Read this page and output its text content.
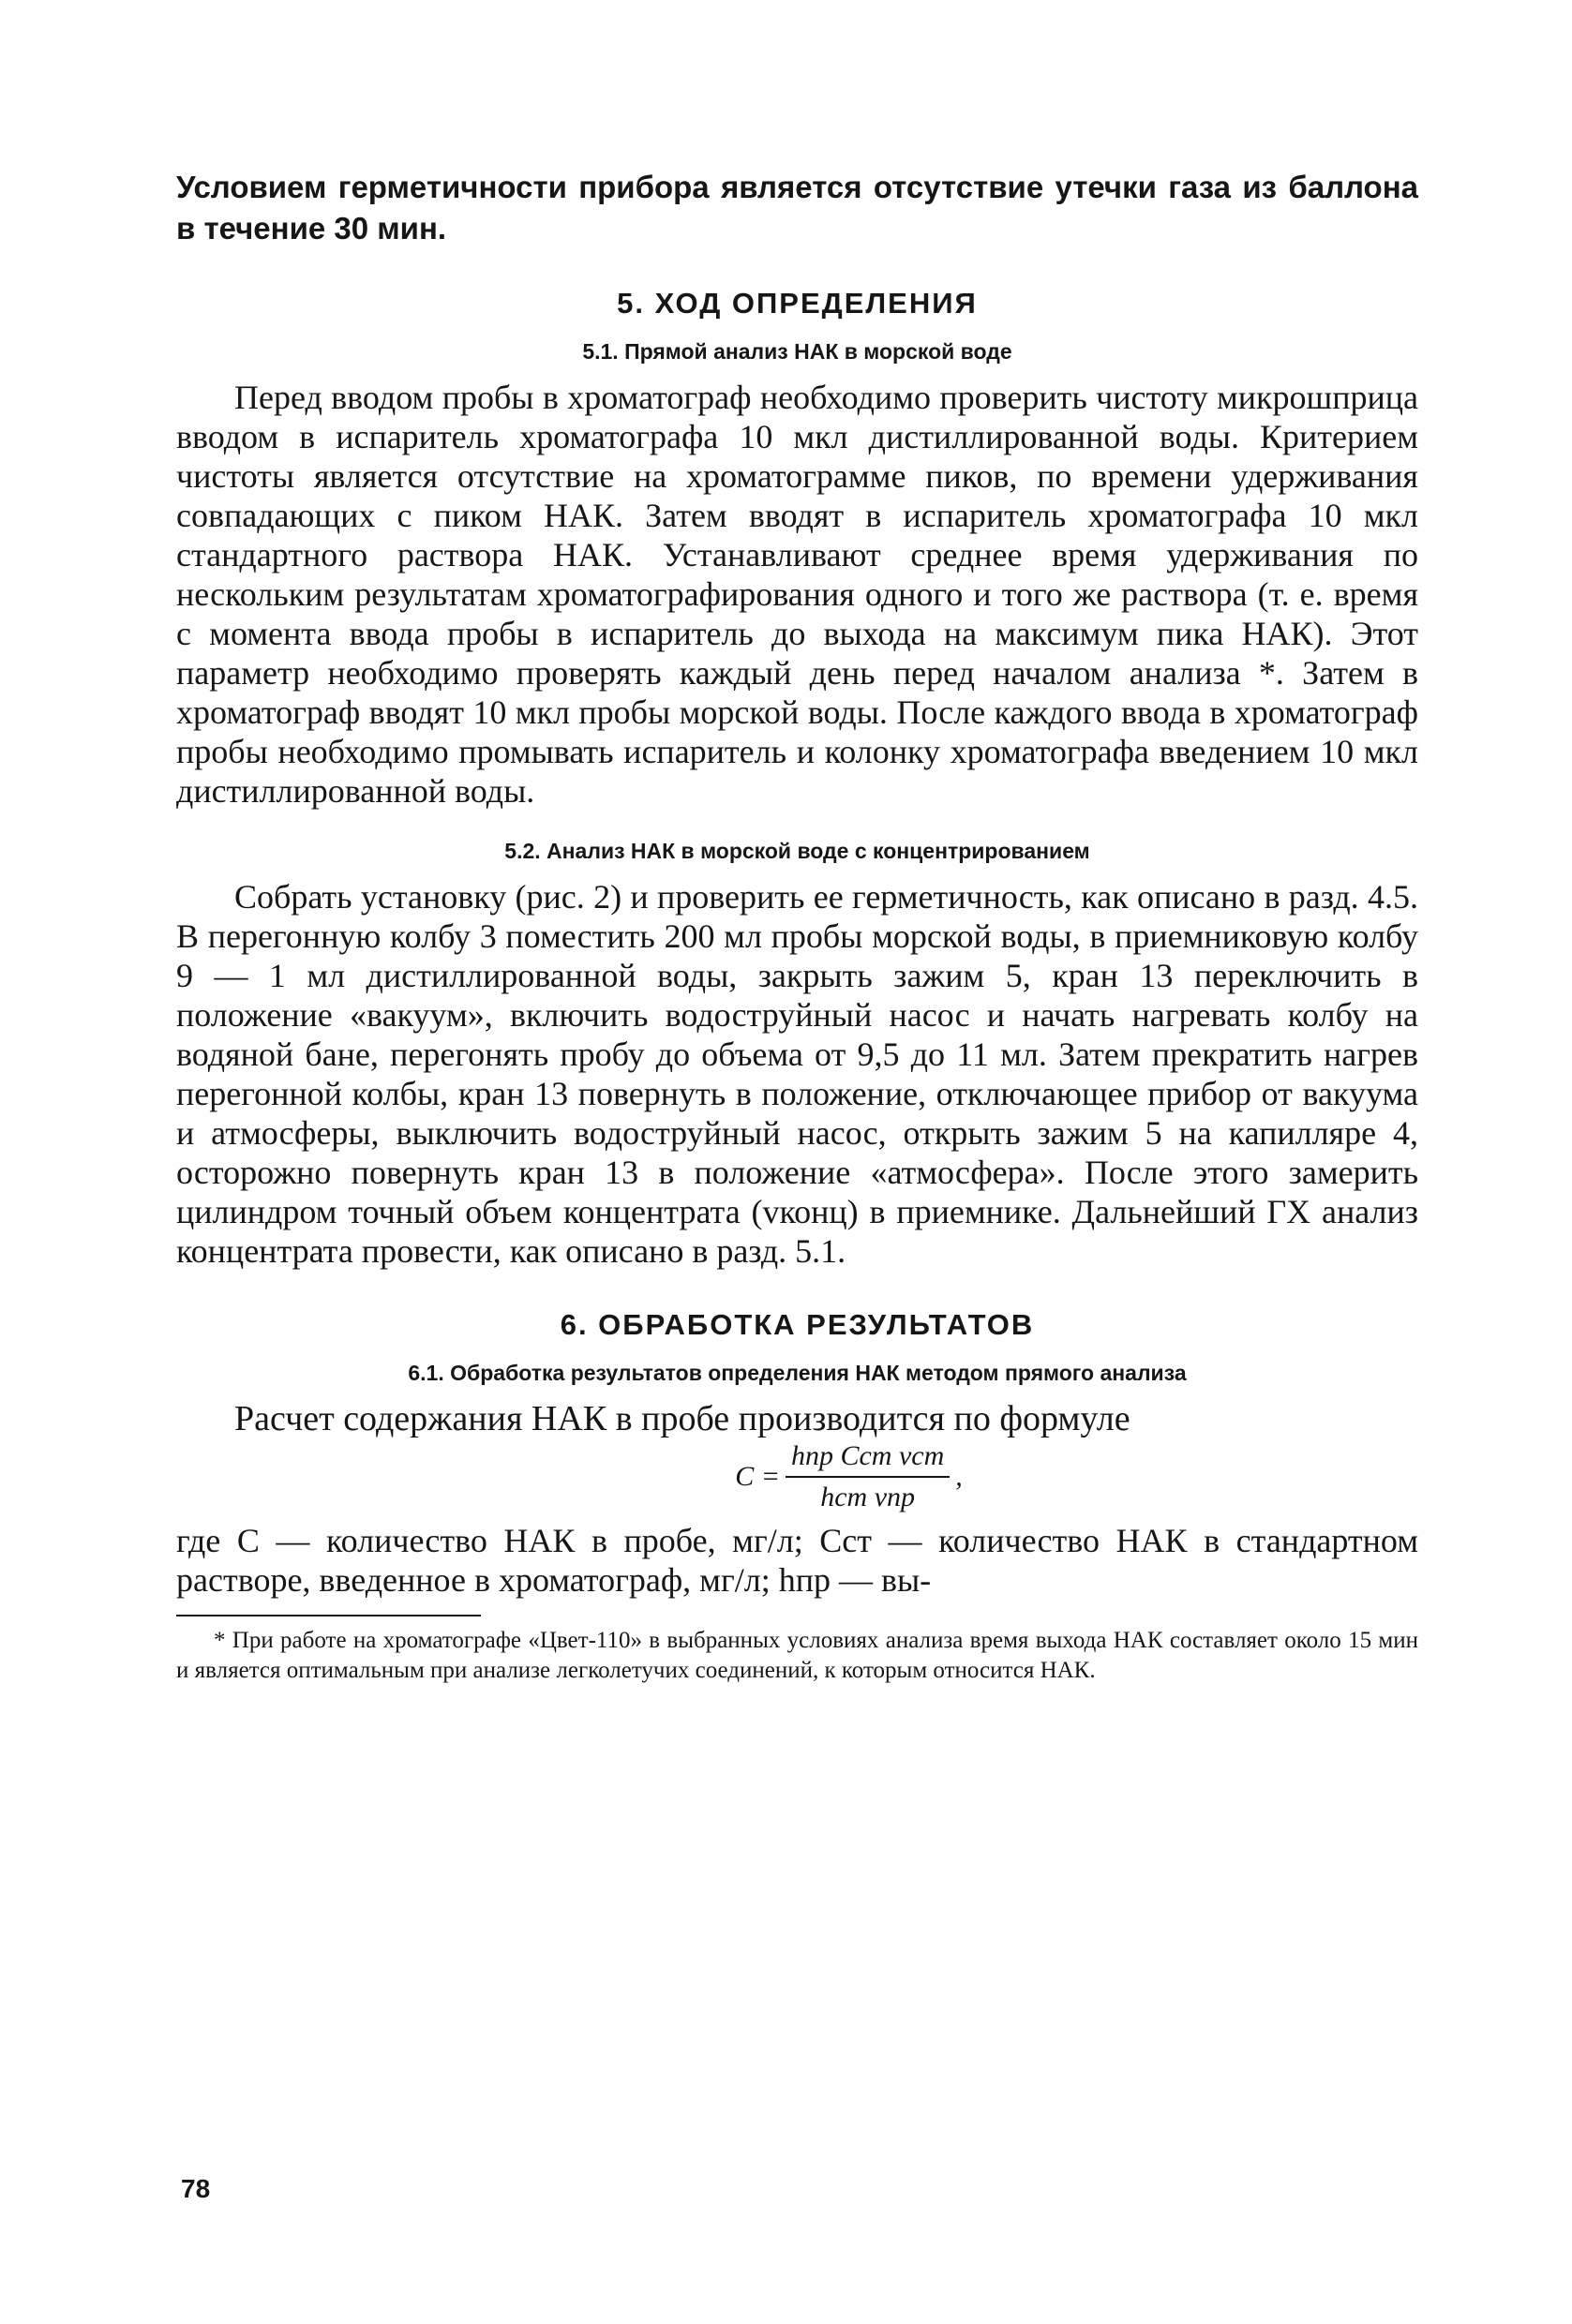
Условием герметичности прибора является отсутствие утечки газа из баллона в течение 30 мин.

5. ХОД ОПРЕДЕЛЕНИЯ

5.1. Прямой анализ НАК в морской воде

Перед вводом пробы в хроматограф необходимо проверить чистоту микрошприца вводом в испаритель хроматографа 10 мкл дистиллированной воды. Критерием чистоты является отсутствие на хроматограмме пиков, по времени удерживания совпадающих с пиком НАК. Затем вводят в испаритель хроматографа 10 мкл стандартного раствора НАК. Устанавливают среднее время удерживания по нескольким результатам хроматографирования одного и того же раствора (т. е. время с момента ввода пробы в испаритель до выхода на максимум пика НАК). Этот параметр необходимо проверять каждый день перед началом анализа *. Затем в хроматограф вводят 10 мкл пробы морской воды. После каждого ввода в хроматограф пробы необходимо промывать испаритель и колонку хроматографа введением 10 мкл дистиллированной воды.

5.2. Анализ НАК в морской воде с концентрированием

Собрать установку (рис. 2) и проверить ее герметичность, как описано в разд. 4.5. В перегонную колбу 3 поместить 200 мл пробы морской воды, в приемниковую колбу 9 — 1 мл дистиллированной воды, закрыть зажим 5, кран 13 переключить в положение «вакуум», включить водоструйный насос и начать нагревать колбу на водяной бане, перегонять пробу до объема от 9,5 до 11 мл. Затем прекратить нагрев перегонной колбы, кран 13 повернуть в положение, отключающее прибор от вакуума и атмосферы, выключить водоструйный насос, открыть зажим 5 на капилляре 4, осторожно повернуть кран 13 в положение «атмосфера». После этого замерить цилиндром точный объем концентрата (vконц) в приемнике. Дальнейший ГХ анализ концентрата провести, как описано в разд. 5.1.

6. ОБРАБОТКА РЕЗУЛЬТАТОВ

6.1. Обработка результатов определения НАК методом прямого анализа

Расчет содержания НАК в пробе производится по формуле

$C = \frac{\text{hпр Cст vст}}{\text{hст vпр}}$ ,

где C — количество НАК в пробе, мг/л; Cст — количество НАК в стандартном растворе, введенное в хроматограф, мг/л; hпр — вы-

* При работе на хроматографе «Цвет-110» в выбранных условиях анализа время выхода НАК составляет около 15 мин и является оптимальным при анализе легколетучих соединений, к которым относится НАК.

78
